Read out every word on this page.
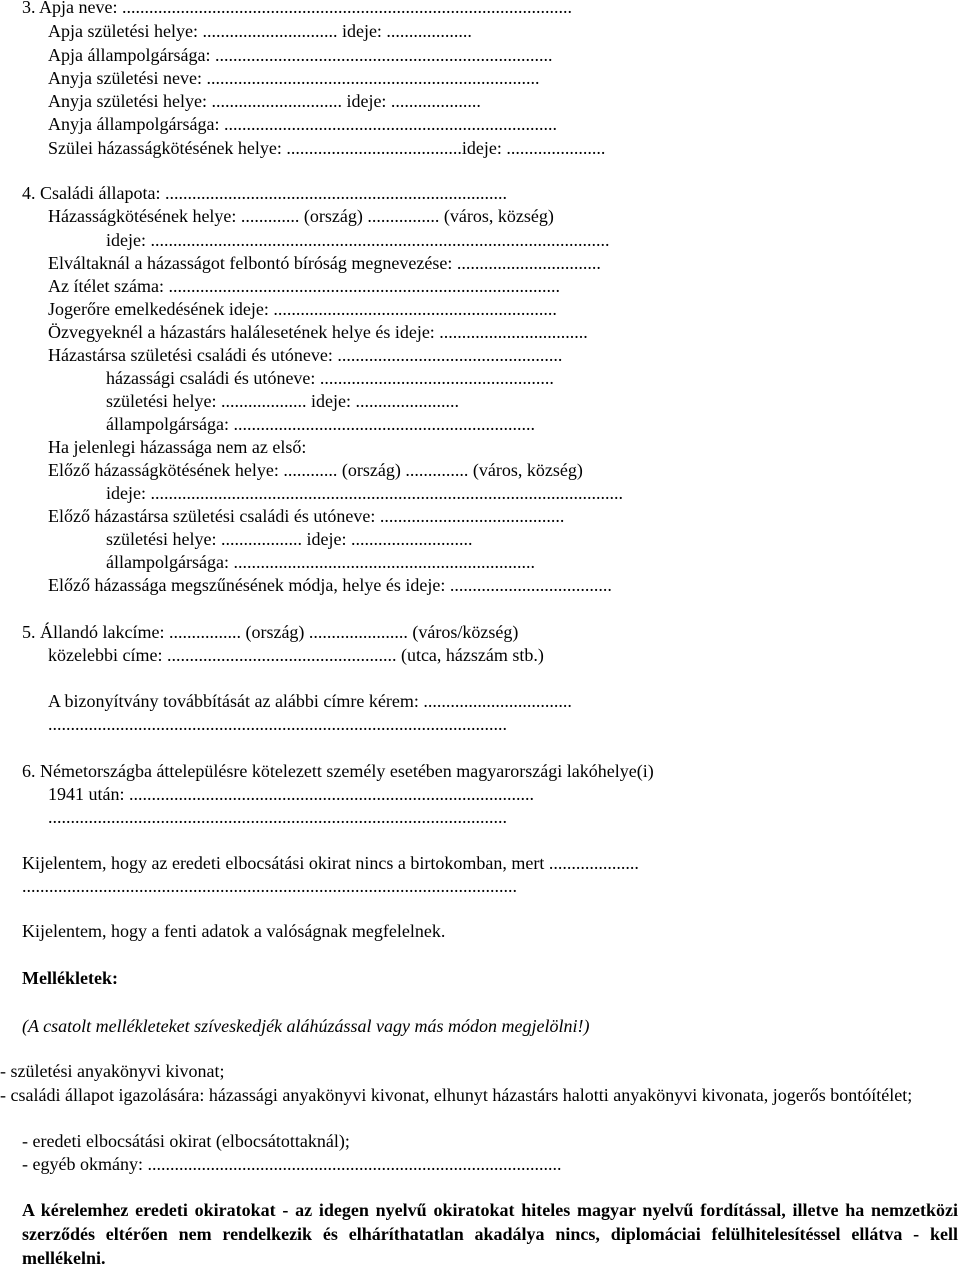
3. Apja neve: ....................................................................................................
Apja születési helye: .............................. ideje: ...................
Apja állampolgársága: ...........................................................................
Anyja születési neve: ..........................................................................
Anyja születési helye: ............................. ideje: ....................
Anyja állampolgársága: ..........................................................................
Szülei házasságkötésének helye: .......................................ideje: ......................
4. Családi állapota: ............................................................................
Házasságkötésének helye: ............. (ország) ................ (város, község)
ideje: ......................................................................................................
Elváltaknál a házasságot felbontó bíróság megnevezése: ................................
Az ítélet száma: .......................................................................................
Jogerőre emelkedésének ideje: ...............................................................
Özvegyeknél a házastárs halálesetének helye és ideje: .................................
Házastársa születési családi és utóneve: ..................................................
házassági családi és utóneve: ....................................................
születési helye: ................... ideje: .......................
állampolgársága: ...................................................................
Ha jelenlegi házassága nem az első:
Előző házasságkötésének helye: ............ (ország) .............. (város, község)
ideje: .........................................................................................................
Előző házastársa születési családi és utóneve: .........................................
születési helye: .................. ideje: ...........................
állampolgársága: ...................................................................
Előző házassága megszűnésének módja, helye és ideje: ....................................
5. Állandó lakcíme: ................ (ország) ...................... (város/község)
közelebbi címe: ................................................... (utca, házszám stb.)
A bizonyítvány továbbítását az alábbi címre kérem: .................................
......................................................................................................
6. Németországba áttelepülésre kötelezett személy esetében magyarországi lakóhelye(i)
1941 után: ..........................................................................................
......................................................................................................
Kijelentem, hogy az eredeti elbocsátási okirat nincs a birtokomban, mert ....................
..............................................................................................................
Kijelentem, hogy a fenti adatok a valóságnak megfelelnek.
Mellékletek:
(A csatolt mellékleteket szíveskedjék aláhúzással vagy más módon megjelölni!)
- születési anyakönyvi kivonat;
- családi állapot igazolására: házassági anyakönyvi kivonat, elhunyt házastárs halotti anyakönyvi kivonata, jogerős bontóítélet;
- eredeti elbocsátási okirat (elbocsátottaknál);
- egyéb okmány: ............................................................................................
A kérelemhez eredeti okiratokat - az idegen nyelvű okiratokat hiteles magyar nyelvű fordítással, illetve ha nemzetközi szerződés eltérően nem rendelkezik és elháríthatatlan akadálya nincs, diplomáciai felülhitelesítéssel ellátva - kell mellékelni.
